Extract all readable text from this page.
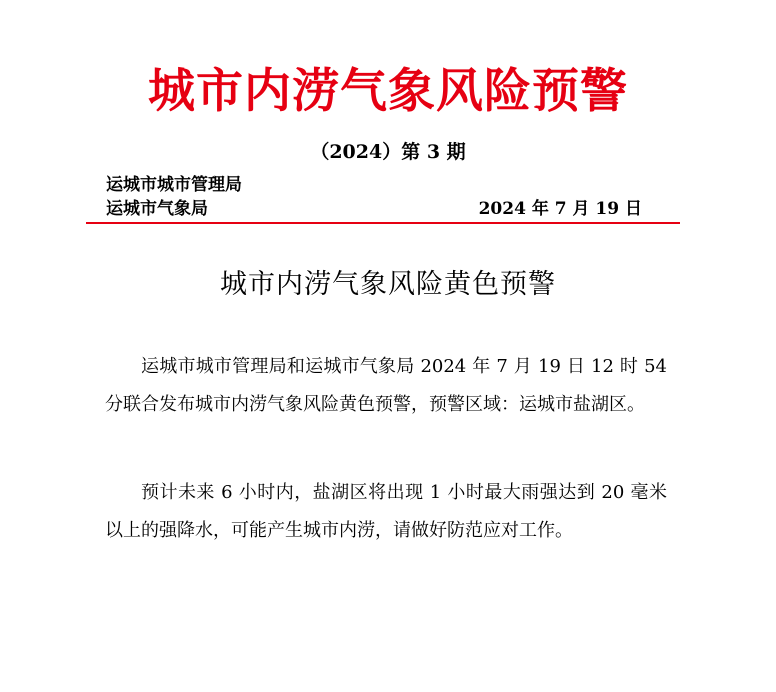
城市内涝气象风险预警
（2024）第 3 期
运城市城市管理局
运城市气象局	2024 年 7 月 19 日
城市内涝气象风险黄色预警

运城市城市管理局和运城市气象局 2024 年 7 月 19 日 12 时 54 分联合发布城市内涝气象风险黄色预警，预警区域：运城市盐湖区。

预计未来 6 小时内，盐湖区将出现 1 小时最大雨强达到 20 毫米以上的强降水，可能产生城市内涝，请做好防范应对工作。
